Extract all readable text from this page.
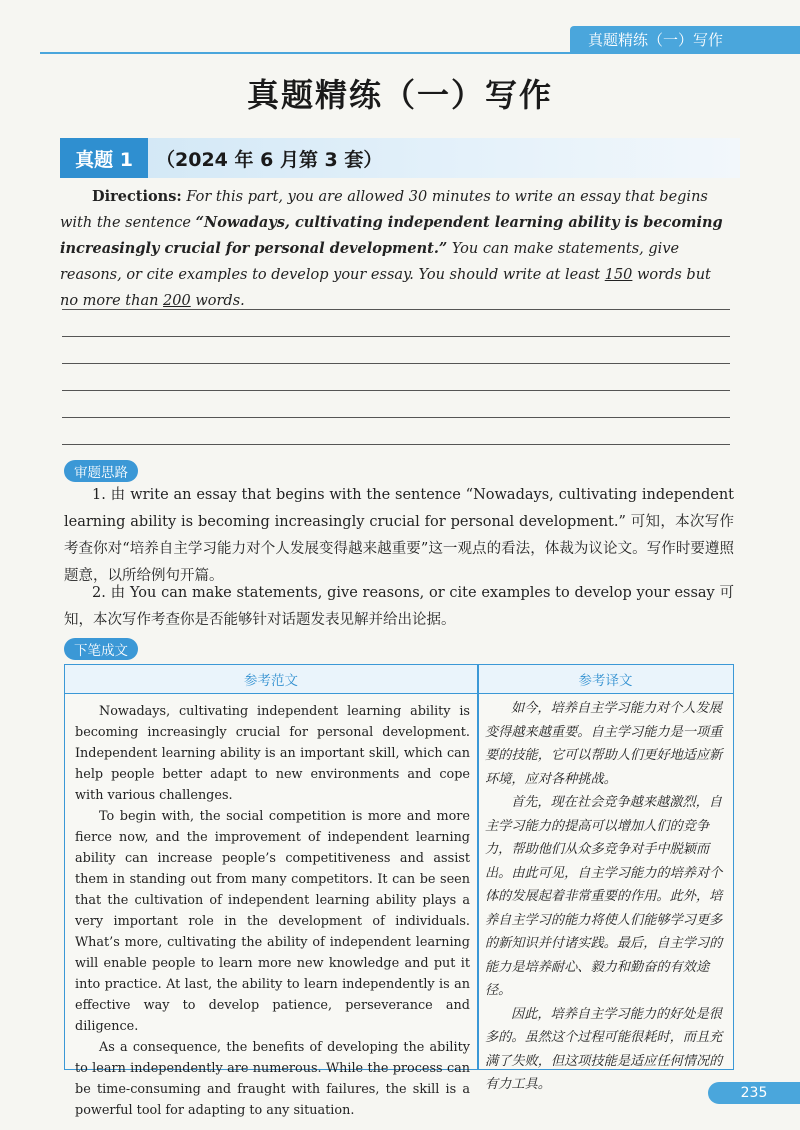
真题精练（一）写作
真题精练（一）写作
真题 1	（2024 年 6 月第 3 套）
Directions: For this part, you are allowed 30 minutes to write an essay that begins with the sentence “Nowadays, cultivating independent learning ability is becoming increasingly crucial for personal development.” You can make statements, give reasons, or cite examples to develop your essay. You should write at least 150 words but no more than 200 words.
审题思路
1. 由 write an essay that begins with the sentence “Nowadays, cultivating independent learning ability is becoming increasingly crucial for personal development.” 可知，本次写作考查你对“培养自主学习能力对个人发展变得越来越重要”这一观点的看法，体裁为议论文。写作时要遵照题意，以所给例句开篇。
2. 由 You can make statements, give reasons, or cite examples to develop your essay 可知，本次写作考查你是否能够针对话题发表见解并给出论据。
下笔成文
参考范文	参考译文

Nowadays, cultivating independent learning ability is becoming increasingly crucial for personal development. Independent learning ability is an important skill, which can help people better adapt to new environments and cope with various challenges.

To begin with, the social competition is more and more fierce now, and the improvement of independent learning ability can increase people’s competitiveness and assist them in standing out from many competitors. It can be seen that the cultivation of independent learning ability plays a very important role in the development of individuals. What’s more, cultivating the ability of independent learning will enable people to learn more new knowledge and put it into practice. At last, the ability to learn independently is an effective way to develop patience, perseverance and diligence.

As a consequence, the benefits of developing the ability to learn independently are numerous. While the process can be time-consuming and fraught with failures, the skill is a powerful tool for adapting to any situation.

如今，培养自主学习能力对个人发展变得越来越重要。自主学习能力是一项重要的技能，它可以帮助人们更好地适应新环境，应对各种挑战。

首先，现在社会竞争越来越激烈，自主学习能力的提高可以增加人们的竞争力，帮助他们从众多竞争对手中脱颖而出。由此可见，自主学习能力的培养对个体的发展起着非常重要的作用。此外，培养自主学习的能力将使人们能够学习更多的新知识并付诸实践。最后，自主学习的能力是培养耐心、毅力和勤奋的有效途径。

因此，培养自主学习能力的好处是很多的。虽然这个过程可能很耗时，而且充满了失败，但这项技能是适应任何情况的有力工具。

235
